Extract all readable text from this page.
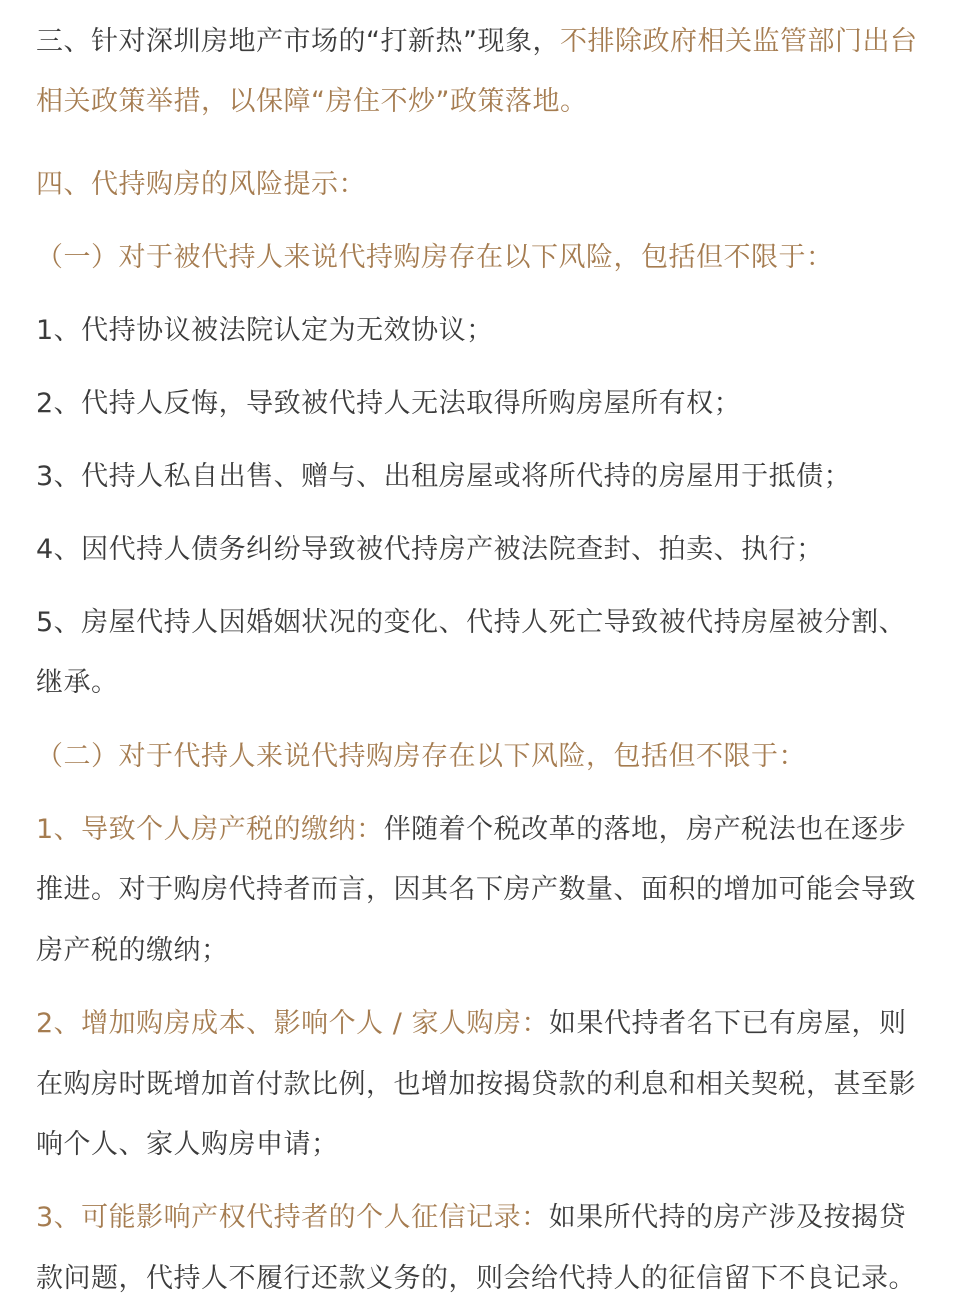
三、针对深圳房地产市场的“打新热”现象，不排除政府相关监管部门出台
相关政策举措，以保障“房住不炒”政策落地。
四、代持购房的风险提示：
（一）对于被代持人来说代持购房存在以下风险，包括但不限于：
1、代持协议被法院认定为无效协议；
2、代持人反悔，导致被代持人无法取得所购房屋所有权；
3、代持人私自出售、赠与、出租房屋或将所代持的房屋用于抵债；
4、因代持人债务纠纷导致被代持房产被法院查封、拍卖、执行；
5、房屋代持人因婚姻状况的变化、代持人死亡导致被代持房屋被分割、
继承。
（二）对于代持人来说代持购房存在以下风险，包括但不限于：
1、导致个人房产税的缴纳：伴随着个税改革的落地，房产税法也在逐步
推进。对于购房代持者而言，因其名下房产数量、面积的增加可能会导致
房产税的缴纳；
2、增加购房成本、影响个人 / 家人购房：如果代持者名下已有房屋，则
在购房时既增加首付款比例，也增加按揭贷款的利息和相关契税，甚至影
响个人、家人购房申请；
3、可能影响产权代持者的个人征信记录：如果所代持的房产涉及按揭贷
款问题，代持人不履行还款义务的，则会给代持人的征信留下不良记录。
